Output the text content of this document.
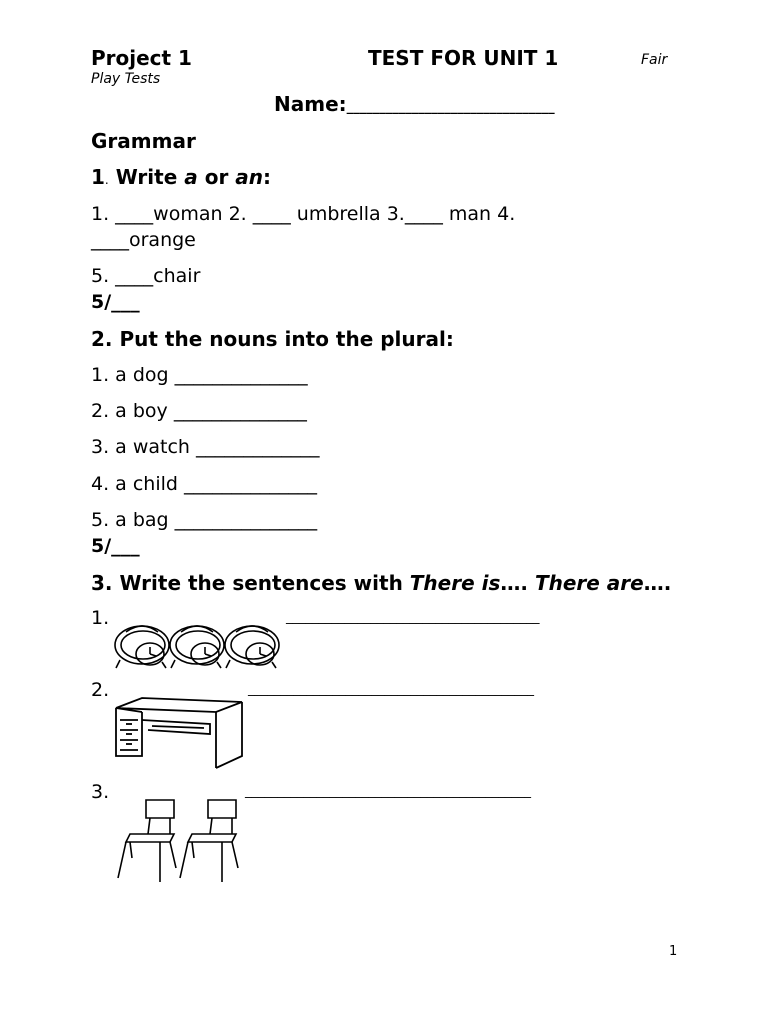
Project 1
Play Tests
TEST FOR UNIT 1	Fair
Name:________________________________
Grammar
1. Write a or an:
1. ____woman 2. ____ umbrella 3.____ man 4.
____orange
5. ____chair
5/___
2. Put the nouns into the plural:
1. a dog ______________
2. a boy ______________
3. a watch _____________
4. a child ______________
5. a bag _______________
5/___
3. Write the sentences with There is…. There are….
1.	_______________________________________
2.	____________________________________________
3.	____________________________________________
1
